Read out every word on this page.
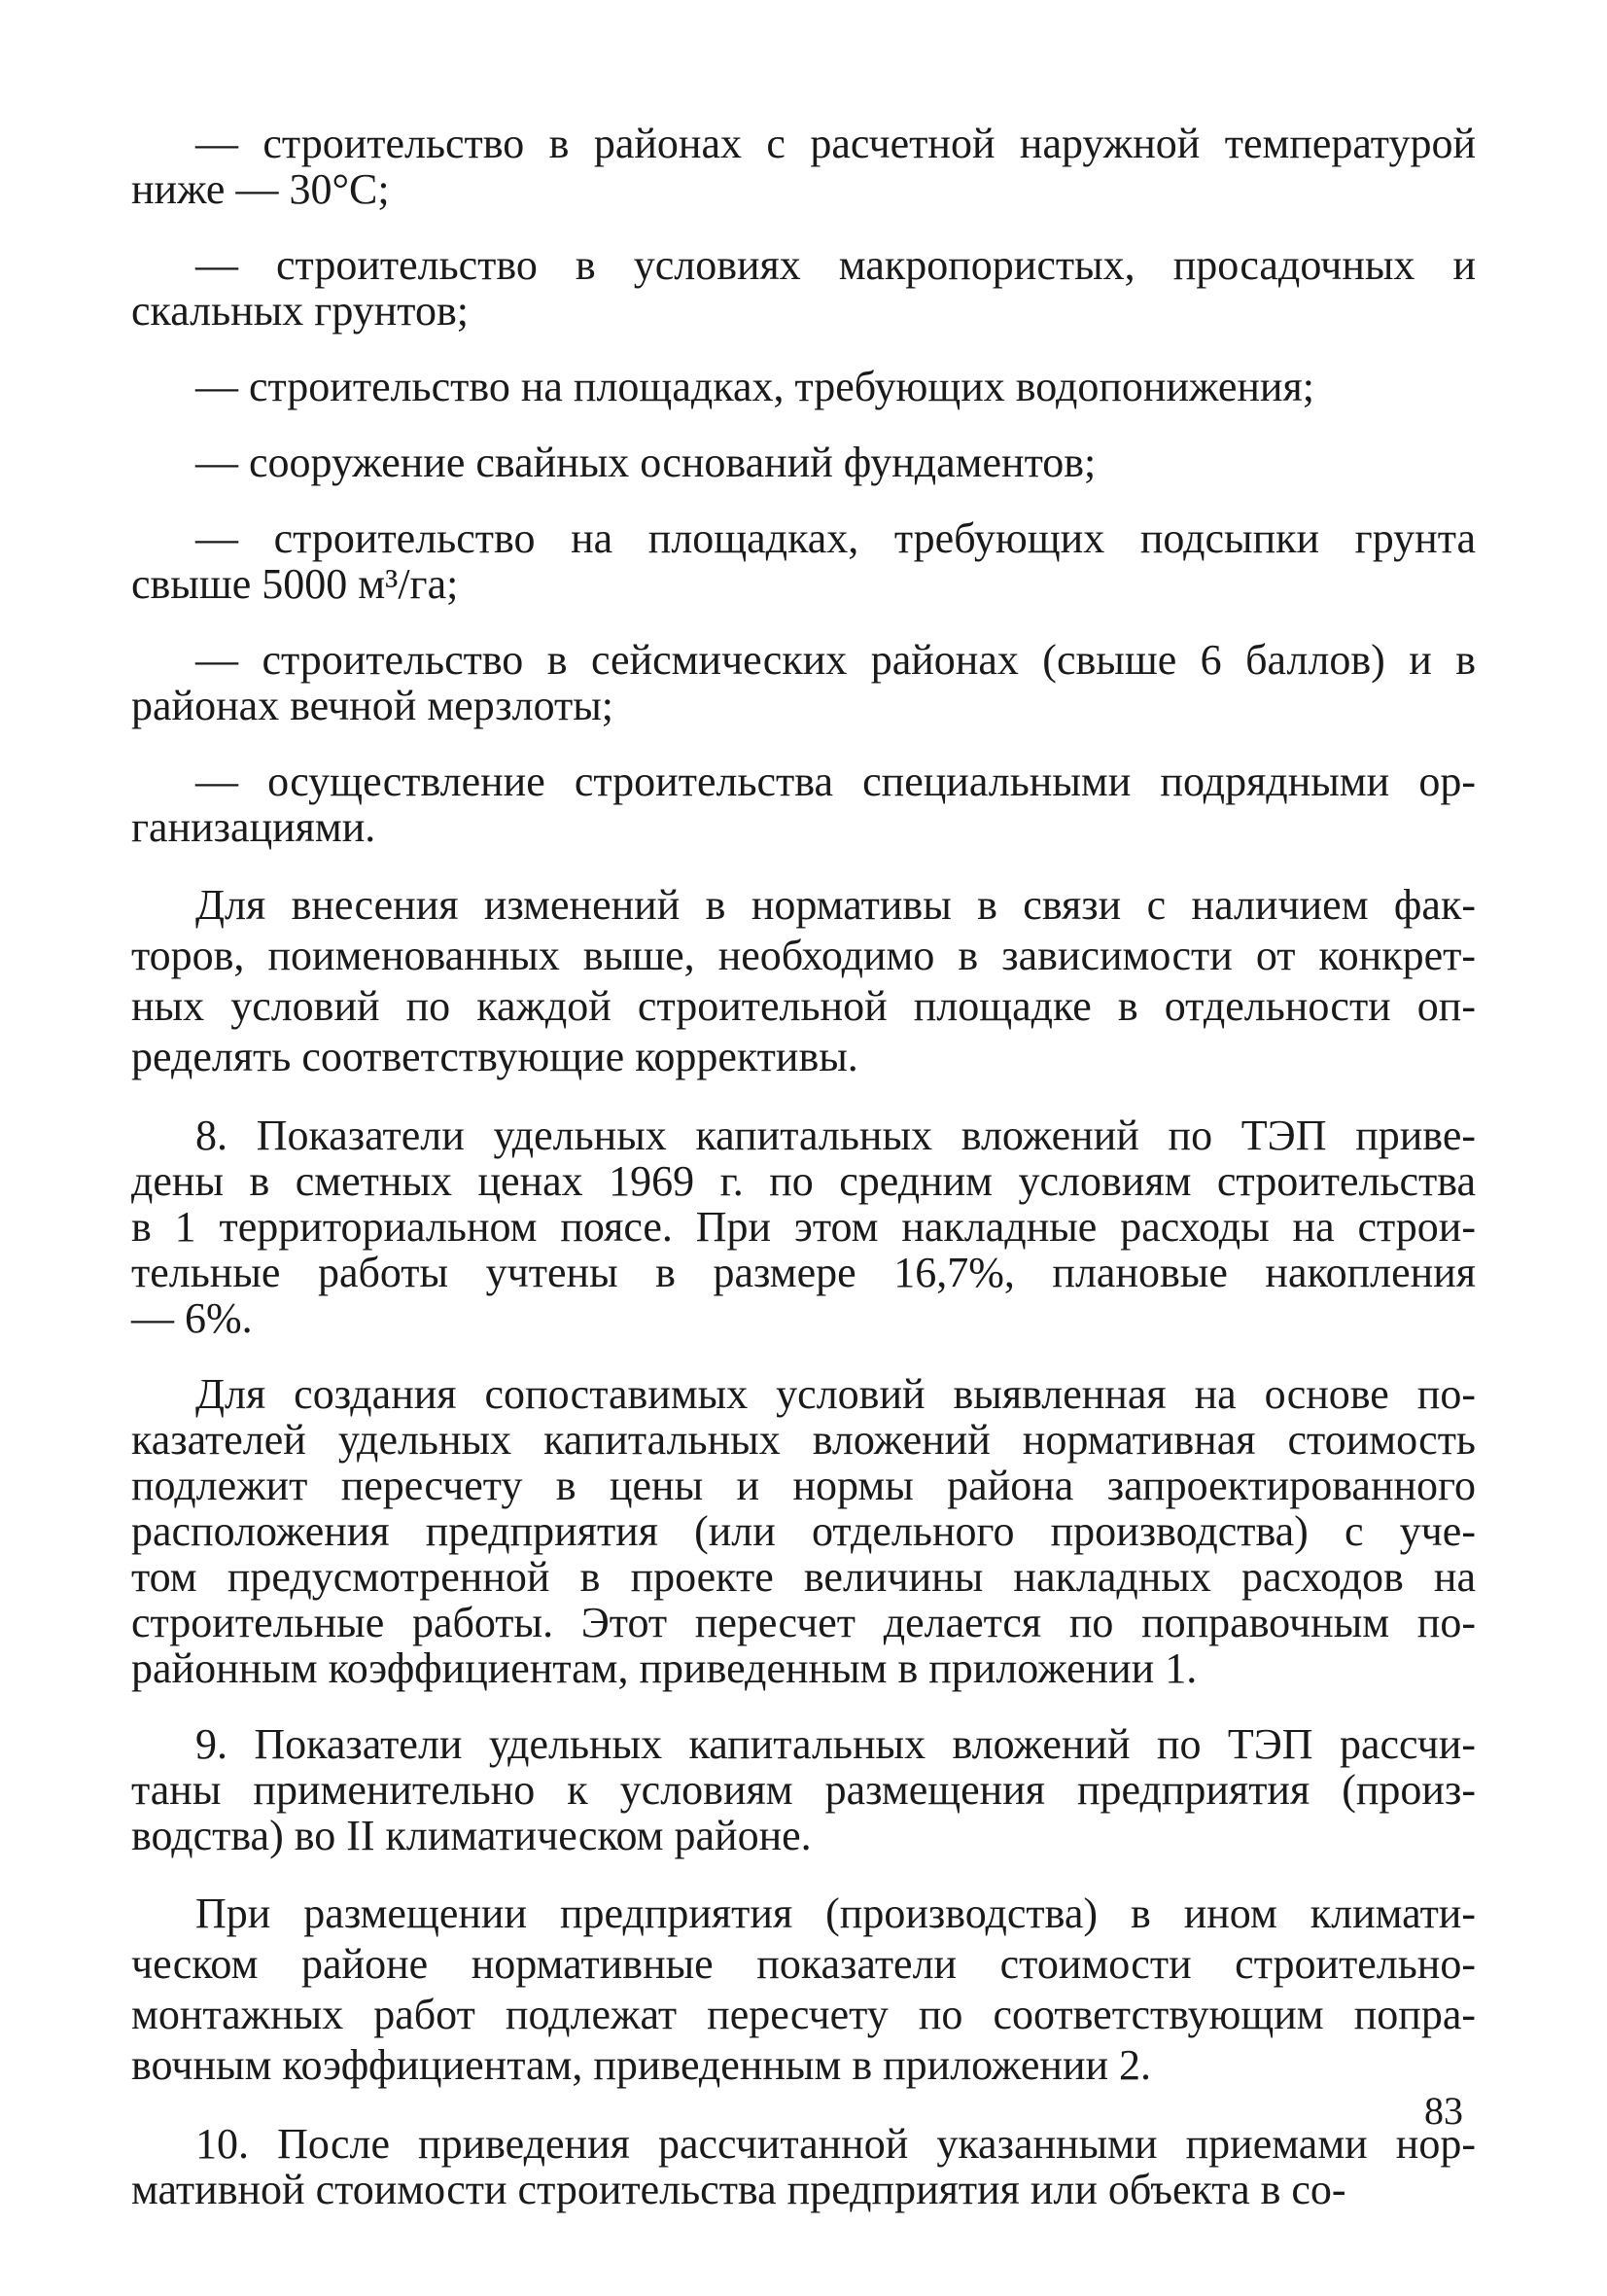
— строительство в районах с расчетной наружной температурой
ниже — 30°С;
— строительство в условиях макропористых, просадочных и
скальных грунтов;
— строительство на площадках, требующих водопонижения;
— сооружение свайных оснований фундаментов;
— строительство на площадках, требующих подсыпки грунта
свыше 5000 м³/га;
— строительство в сейсмических районах (свыше 6 баллов) и в
районах вечной мерзлоты;
— осуществление строительства специальными подрядными ор-
ганизациями.
Для внесения изменений в нормативы в связи с наличием фак-
торов, поименованных выше, необходимо в зависимости от конкрет-
ных условий по каждой строительной площадке в отдельности оп-
ределять соответствующие коррективы.
8. Показатели удельных капитальных вложений по ТЭП приве-
дены в сметных ценах 1969 г. по средним условиям строительства
в 1 территориальном поясе. При этом накладные расходы на строи-
тельные работы учтены в размере 16,7%, плановые накопления
— 6%.
Для создания сопоставимых условий выявленная на основе по-
казателей удельных капитальных вложений нормативная стоимость
подлежит пересчету в цены и нормы района запроектированного
расположения предприятия (или отдельного производства) с уче-
том предусмотренной в проекте величины накладных расходов на
строительные работы. Этот пересчет делается по поправочным по-
районным коэффициентам, приведенным в приложении 1.
9. Показатели удельных капитальных вложений по ТЭП рассчи-
таны применительно к условиям размещения предприятия (произ-
водства) во II климатическом районе.
При размещении предприятия (производства) в ином климати-
ческом районе нормативные показатели стоимости строительно-
монтажных работ подлежат пересчету по соответствующим попра-
вочным коэффициентам, приведенным в приложении 2.
10. После приведения рассчитанной указанными приемами нор-
мативной стоимости строительства предприятия или объекта в со-
83
